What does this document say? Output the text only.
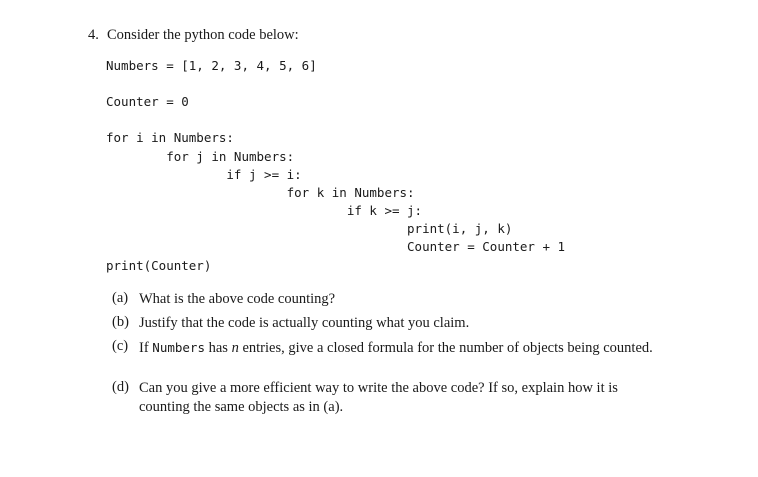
4. Consider the python code below:
Numbers = [1, 2, 3, 4, 5, 6]
Counter = 0
for i in Numbers:
for j in Numbers:
if j >= i:
for k in Numbers:
if k >= j:
print(i, j, k)
Counter = Counter + 1
print(Counter)
(a) What is the above code counting?
(b) Justify that the code is actually counting what you claim.
(c) If Numbers has n entries, give a closed formula for the number of objects being counted.
(d) Can you give a more efficient way to write the above code? If so, explain how it is counting the same objects as in (a).
